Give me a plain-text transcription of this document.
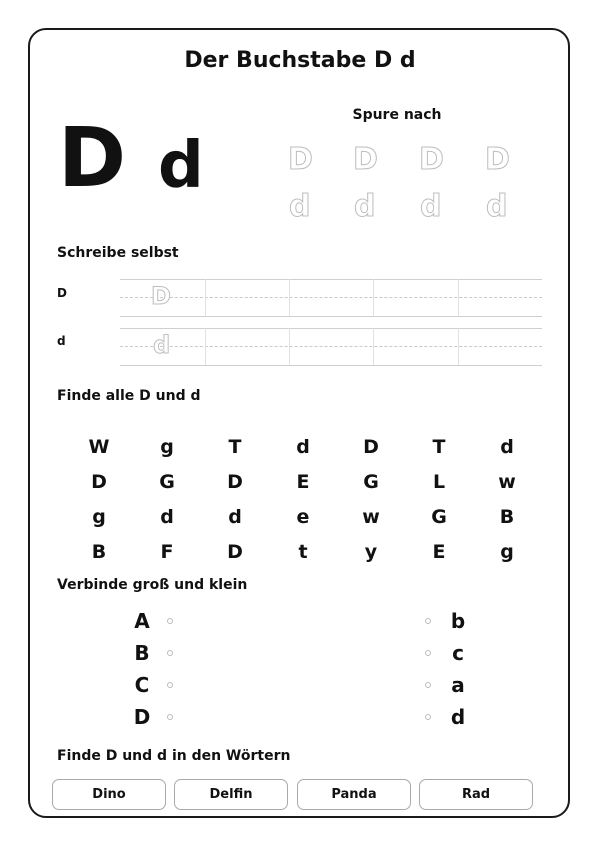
Der Buchstabe D d
D d
Spure nach
D D D D
d d d d
Schreibe selbst
D	D
d	d
Finde alle D und d
W	g	T	d	D	T	d
D	G	D	E	G	L	w
g	d	d	e	w	G	B
B	F	D	t	y	E	g
Verbinde groß und klein
A
B
C
D
b
c
a
d
Finde D und d in den Wörtern
Dino	Delfin	Panda	Rad
